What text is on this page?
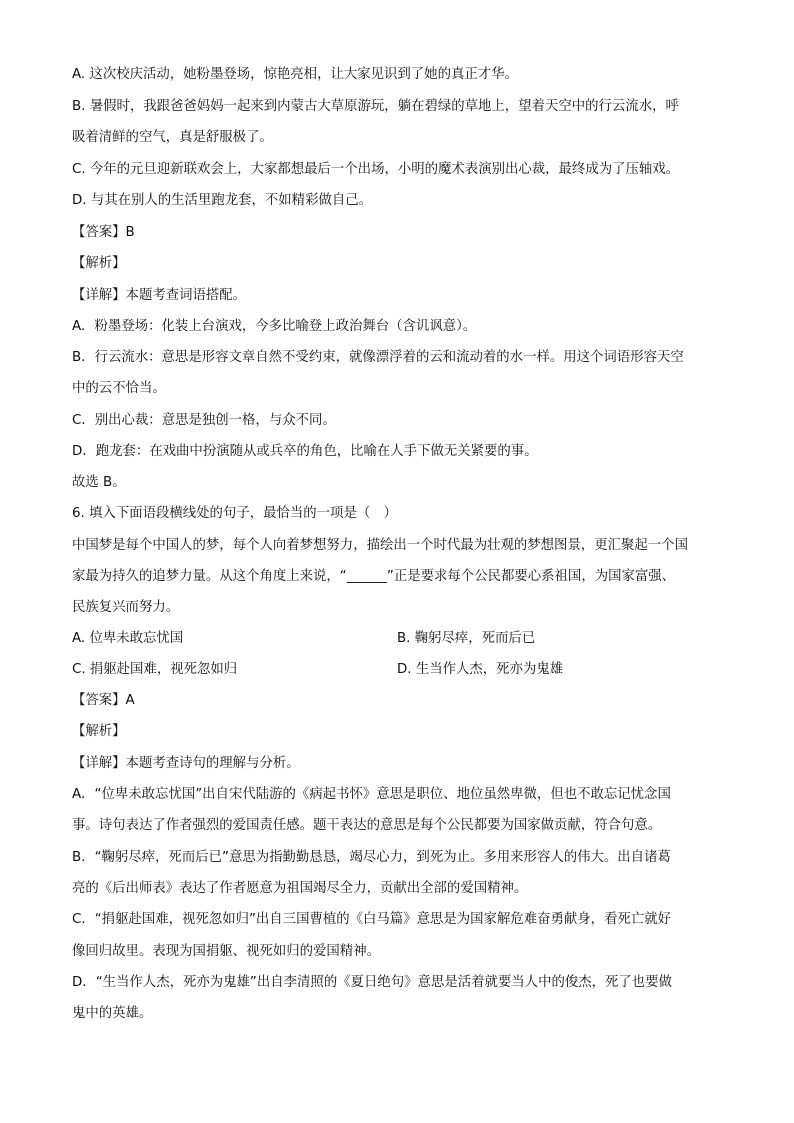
A. 这次校庆活动，她粉墨登场，惊艳亮相，让大家见识到了她的真正才华。
B. 暑假时，我跟爸爸妈妈一起来到内蒙古大草原游玩，躺在碧绿的草地上，望着天空中的行云流水，呼
吸着清鲜的空气，真是舒服极了。
C. 今年的元旦迎新联欢会上，大家都想最后一个出场，小明的魔术表演别出心裁，最终成为了压轴戏。
D. 与其在别人的生活里跑龙套，不如精彩做自己。
【答案】B
【解析】
【详解】本题考查词语搭配。
A．粉墨登场：化装上台演戏，今多比喻登上政治舞台（含讥讽意）。
B．行云流水：意思是形容文章自然不受约束，就像漂浮着的云和流动着的水一样。用这个词语形容天空
中的云不恰当。
C．别出心裁：意思是独创一格，与众不同。
D．跑龙套：在戏曲中扮演随从或兵卒的角色，比喻在人手下做无关紧要的事。
故选 B。
6. 填入下面语段横线处的句子，最恰当的一项是（　）
中国梦是每个中国人的梦，每个人向着梦想努力，描绘出一个时代最为壮观的梦想图景，更汇聚起一个国
家最为持久的追梦力量。从这个角度上来说，“______”正是要求每个公民都要心系祖国，为国家富强、
民族复兴而努力。
A. 位卑未敢忘忧国	B. 鞠躬尽瘁，死而后已
C. 捐躯赴国难，视死忽如归	D. 生当作人杰，死亦为鬼雄
【答案】A
【解析】
【详解】本题考查诗句的理解与分析。
A．“位卑未敢忘忧国”出自宋代陆游的《病起书怀》意思是职位、地位虽然卑微，但也不敢忘记忧念国
事。诗句表达了作者强烈的爱国责任感。题干表达的意思是每个公民都要为国家做贡献，符合句意。
B．“鞠躬尽瘁，死而后已”意思为指勤勤恳恳，竭尽心力，到死为止。多用来形容人的伟大。出自诸葛
亮的《后出师表》表达了作者愿意为祖国竭尽全力，贡献出全部的爱国精神。
C．“捐躯赴国难，视死忽如归”出自三国曹植的《白马篇》意思是为国家解危难奋勇献身，看死亡就好
像回归故里。表现为国捐躯、视死如归的爱国精神。
D．“生当作人杰，死亦为鬼雄”出自李清照的《夏日绝句》意思是活着就要当人中的俊杰，死了也要做
鬼中的英雄。
